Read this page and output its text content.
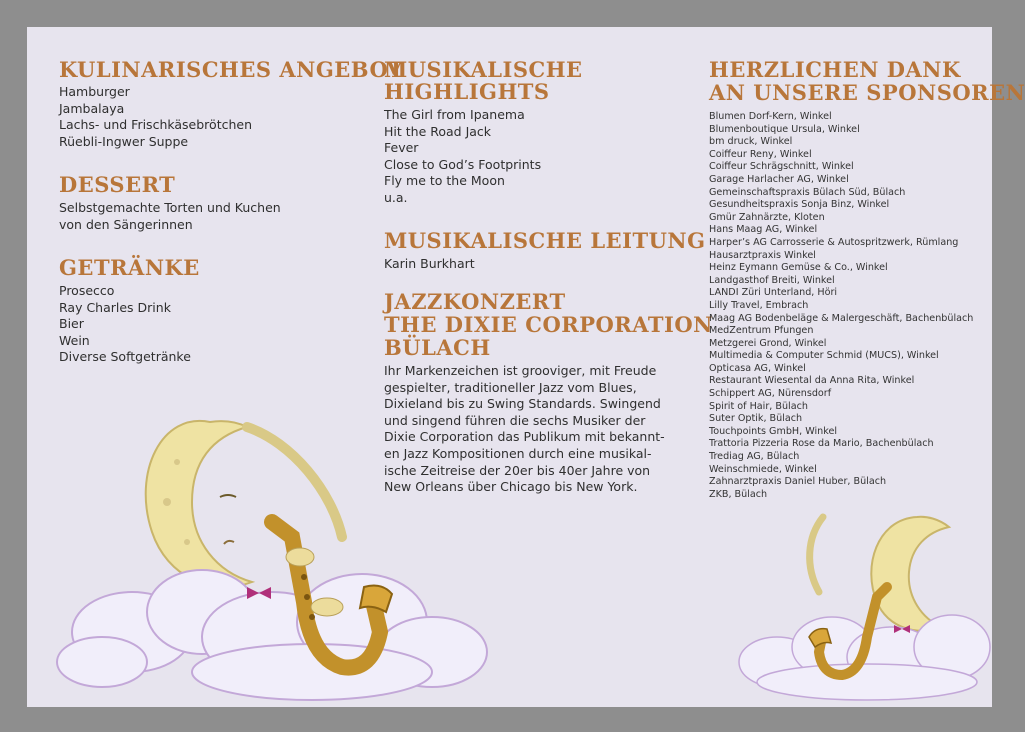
KULINARISCHES ANGEBOT
Hamburger
Jambalaya
Lachs- und Frischkäsebrötchen
Rüebli-Ingwer Suppe
DESSERT
Selbstgemachte Torten und Kuchen
von den Sängerinnen
GETRÄNKE
Prosecco
Ray Charles Drink
Bier
Wein
Diverse Softgetränke
MUSIKALISCHE
HIGHLIGHTS
The Girl from Ipanema
Hit the Road Jack
Fever
Close to God’s Footprints
Fly me to the Moon
u.a.
MUSIKALISCHE LEITUNG
Karin Burkhart
JAZZKONZERT
THE DIXIE CORPORATION
BÜLACH
Ihr Markenzeichen ist grooviger, mit Freude
gespielter, traditioneller Jazz vom Blues,
Dixieland bis zu Swing Standards. Swingend
und singend führen die sechs Musiker der
Dixie Corporation das Publikum mit bekannt-
en Jazz Kompositionen durch eine musikal-
ische Zeitreise der 20er bis 40er Jahre von
New Orleans über Chicago bis New York.
HERZLICHEN DANK
AN UNSERE SPONSOREN
Blumen Dorf-Kern, Winkel
Blumenboutique Ursula, Winkel
bm druck, Winkel
Coiffeur Reny, Winkel
Coiffeur Schrägschnitt, Winkel
Garage Harlacher AG, Winkel
Gemeinschaftspraxis Bülach Süd, Bülach
Gesundheitspraxis Sonja Binz, Winkel
Gmür Zahnärzte, Kloten
Hans Maag AG, Winkel
Harper’s AG Carrosserie & Autospritzwerk, Rümlang
Hausarztpraxis Winkel
Heinz Eymann Gemüse & Co., Winkel
Landgasthof Breiti, Winkel
LANDI Züri Unterland, Höri
Lilly Travel, Embrach
Maag AG Bodenbeläge & Malergeschäft, Bachenbülach
MedZentrum Pfungen
Metzgerei Grond, Winkel
Multimedia & Computer Schmid (MUCS), Winkel
Opticasa AG, Winkel
Restaurant Wiesental da Anna Rita, Winkel
Schippert AG, Nürensdorf
Spirit of Hair, Bülach
Suter Optik, Bülach
Touchpoints GmbH, Winkel
Trattoria Pizzeria Rose da Mario, Bachenbülach
Trediag AG, Bülach
Weinschmiede, Winkel
Zahnarztpraxis Daniel Huber, Bülach
ZKB, Bülach
